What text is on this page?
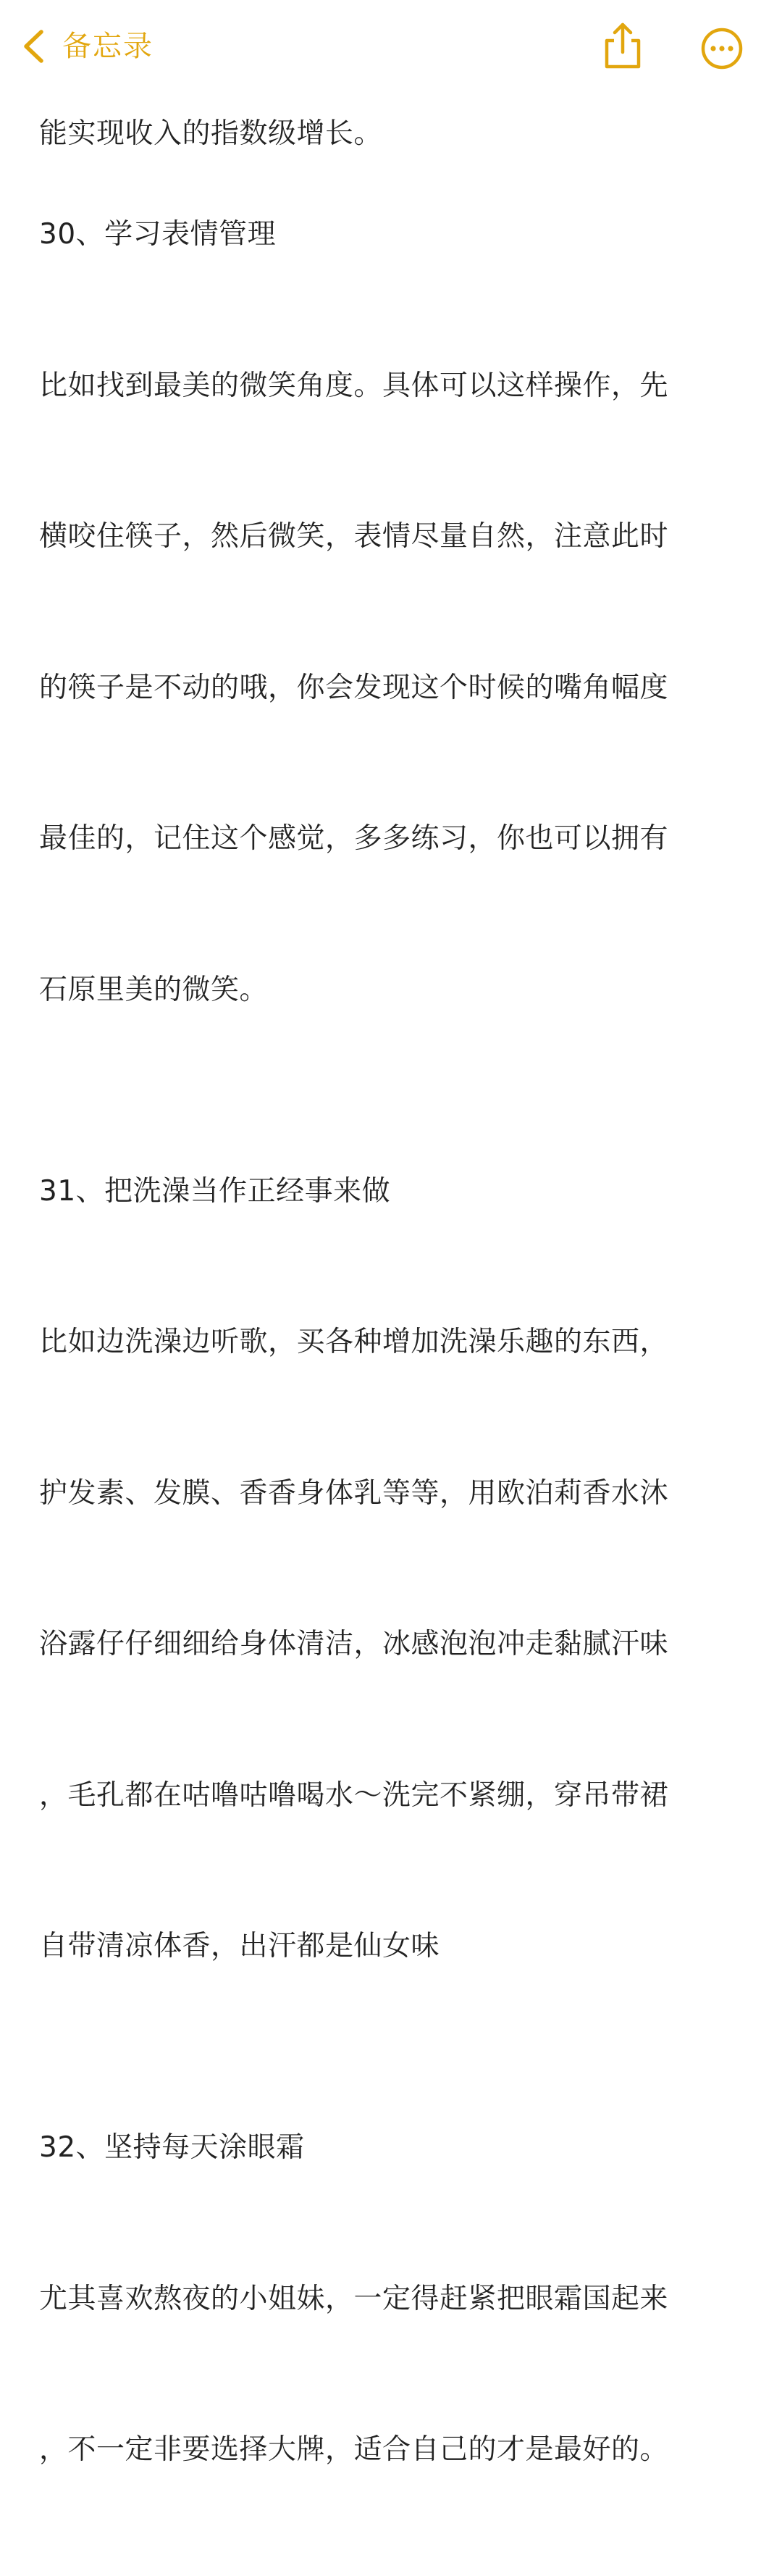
备忘录

能实现收入的指数级增长。

30、学习表情管理

比如找到最美的微笑角度。具体可以这样操作，先

横咬住筷子，然后微笑，表情尽量自然，注意此时

的筷子是不动的哦，你会发现这个时候的嘴角幅度

最佳的，记住这个感觉，多多练习，你也可以拥有

石原里美的微笑。

31、把洗澡当作正经事来做

比如边洗澡边听歌，买各种增加洗澡乐趣的东西，

护发素、发膜、香香身体乳等等，用欧泊莉香水沐

浴露仔仔细细给身体清洁，冰感泡泡冲走黏腻汗味

，毛孔都在咕噜咕噜喝水～洗完不紧绷，穿吊带裙

自带清凉体香，出汗都是仙女味

32、坚持每天涂眼霜

尤其喜欢熬夜的小姐妹，一定得赶紧把眼霜国起来

，不一定非要选择大牌，适合自己的才是最好的。
